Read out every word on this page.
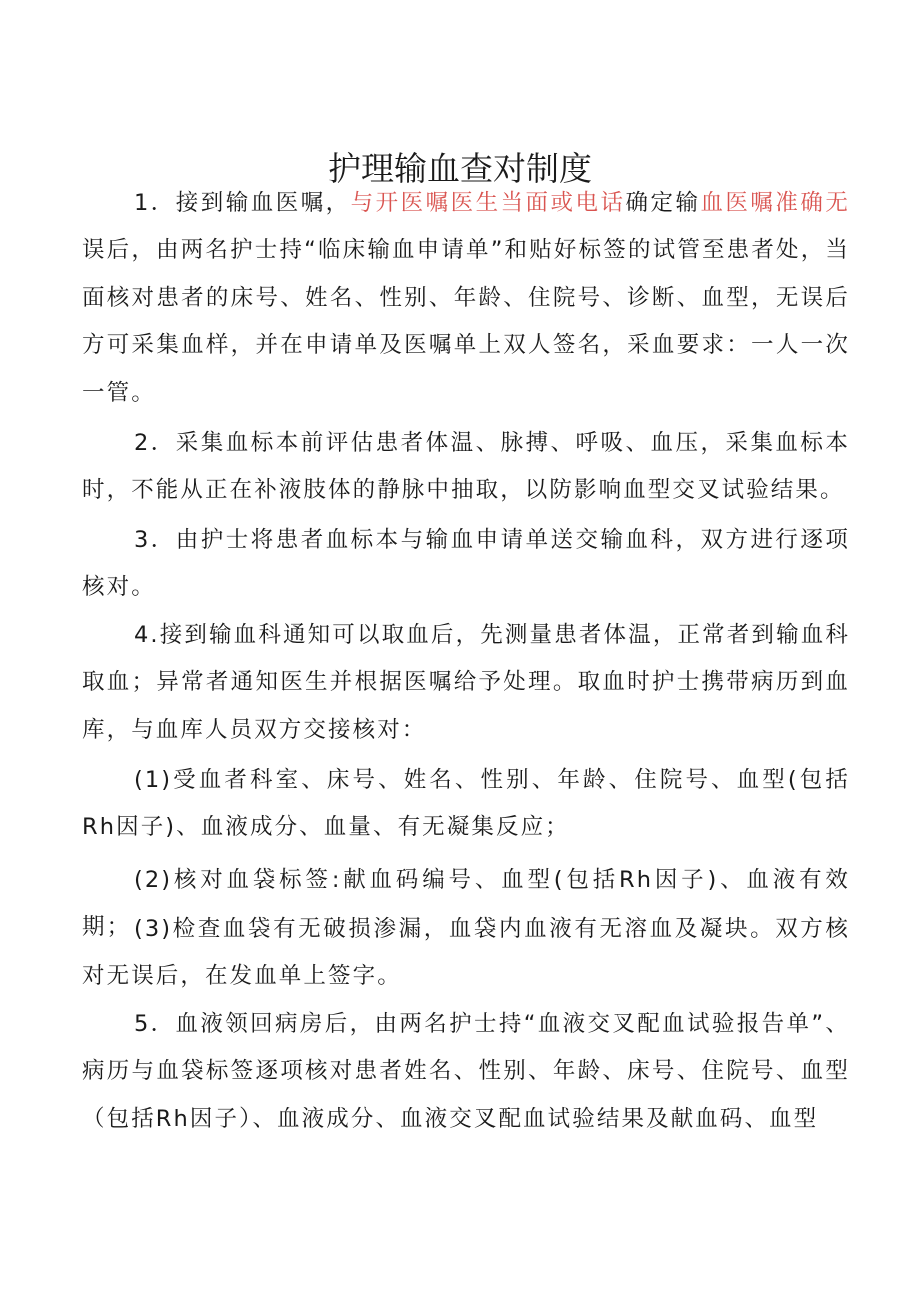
护理输血查对制度

1．接到输血医嘱，与开医嘱医生当面或电话确定输血医嘱准确无误后，由两名护士持“临床输血申请单”和贴好标签的试管至患者处，当面核对患者的床号、姓名、性别、年龄、住院号、诊断、血型，无误后方可采集血样，并在申请单及医嘱单上双人签名，采血要求：一人一次一管。

2．采集血标本前评估患者体温、脉搏、呼吸、血压，采集血标本时，不能从正在补液肢体的静脉中抽取，以防影响血型交叉试验结果。

3．由护士将患者血标本与输血申请单送交输血科，双方进行逐项核对。

4.接到输血科通知可以取血后，先测量患者体温，正常者到输血科取血；异常者通知医生并根据医嘱给予处理。取血时护士携带病历到血库，与血库人员双方交接核对：

(1)受血者科室、床号、姓名、性别、年龄、住院号、血型(包括Rh因子)、血液成分、血量、有无凝集反应；

(2)核对血袋标签:献血码编号、血型(包括Rh因子)、血液有效期； (3)检查血袋有无破损渗漏，血袋内血液有无溶血及凝块。双方核对无误后，在发血单上签字。

5．血液领回病房后，由两名护士持“血液交叉配血试验报告单”、病历与血袋标签逐项核对患者姓名、性别、年龄、床号、住院号、血型（包括Rh因子）、血液成分、血液交叉配血试验结果及献血码、血型
